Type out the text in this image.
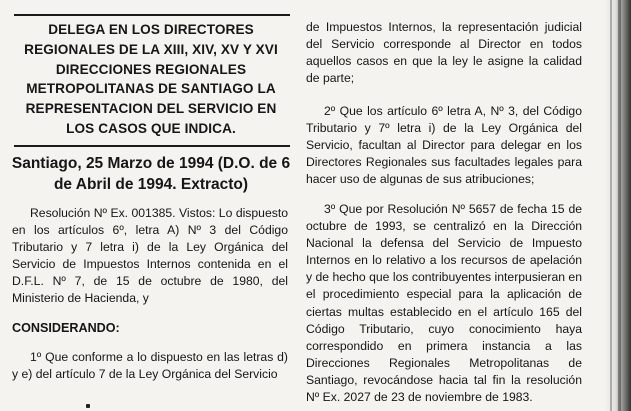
DELEGA EN LOS DIRECTORES REGIONALES DE LA XIII, XIV, XV Y XVI DIRECCIONES REGIONALES METROPOLITANAS DE SANTIAGO LA REPRESENTACION DEL SERVICIO EN LOS CASOS QUE INDICA.
Santiago, 25 Marzo de 1994 (D.O. de 6 de Abril de 1994. Extracto)
Resolución Nº Ex. 001385. Vistos: Lo dispuesto en los artículos 6º, letra A) Nº 3 del Código Tributario y 7 letra i) de la Ley Orgánica del Servicio de Impuestos Internos contenida en el D.F.L. Nº 7, de 15 de octubre de 1980, del Ministerio de Hacienda, y
CONSIDERANDO:
1º Que conforme a lo dispuesto en las letras d) y e) del artículo 7 de la Ley Orgánica del Servicio
de Impuestos Internos, la representación judicial del Servicio corresponde al Director en todos aquellos casos en que la ley le asigne la calidad de parte;
2º Que los artículo 6º letra A, Nº 3, del Código Tributario y 7º letra i) de la Ley Orgánica del Servicio, facultan al Director para delegar en los Directores Regionales sus facultades legales para hacer uso de algunas de sus atribuciones;
3º Que por Resolución Nº 5657 de fecha 15 de octubre de 1993, se centralizó en la Dirección Nacional la defensa del Servicio de Impuesto Internos en lo relativo a los recursos de apelación y de hecho que los contribuyentes interpusieran en el procedimiento especial para la aplicación de ciertas multas establecido en el artículo 165 del Código Tributario, cuyo conocimiento haya correspondido en primera instancia a las Direcciones Regionales Metropolitanas de Santiago, revocándose hacia tal fin la resolución Nº Ex. 2027 de 23 de noviembre de 1983.
